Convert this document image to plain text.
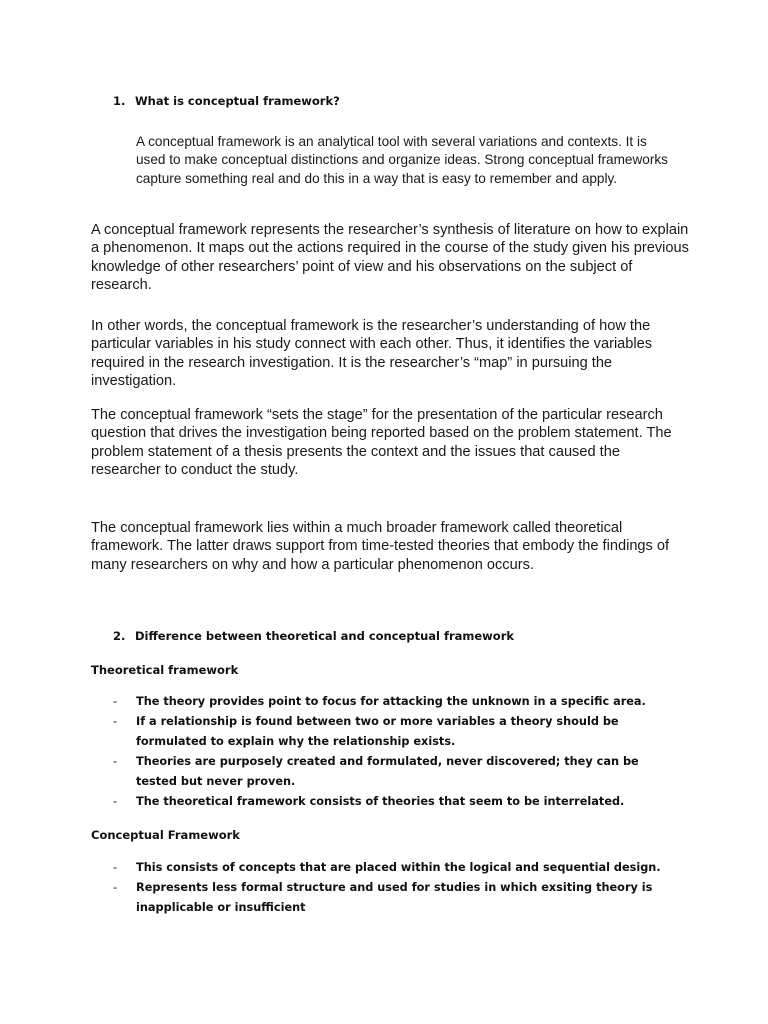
1. What is conceptual framework?

A conceptual framework is an analytical tool with several variations and contexts. It is used to make conceptual distinctions and organize ideas. Strong conceptual frameworks capture something real and do this in a way that is easy to remember and apply.

A conceptual framework represents the researcher’s synthesis of literature on how to explain a phenomenon. It maps out the actions required in the course of the study given his previous knowledge of other researchers’ point of view and his observations on the subject of research.

In other words, the conceptual framework is the researcher’s understanding of how the particular variables in his study connect with each other. Thus, it identifies the variables required in the research investigation. It is the researcher’s “map” in pursuing the investigation.

The conceptual framework “sets the stage” for the presentation of the particular research question that drives the investigation being reported based on the problem statement. The problem statement of a thesis presents the context and the issues that caused the researcher to conduct the study.

The conceptual framework lies within a much broader framework called theoretical framework. The latter draws support from time-tested theories that embody the findings of many researchers on why and how a particular phenomenon occurs.

2. Difference between theoretical and conceptual framework
Theoretical framework
- The theory provides point to focus for attacking the unknown in a specific area.
- If a relationship is found between two or more variables a theory should be formulated to explain why the relationship exists.
- Theories are purposely created and formulated, never discovered; they can be tested but never proven.
- The theoretical framework consists of theories that seem to be interrelated.
Conceptual Framework
- This consists of concepts that are placed within the logical and sequential design.
- Represents less formal structure and used for studies in which exsiting theory is inapplicable or insufficient
